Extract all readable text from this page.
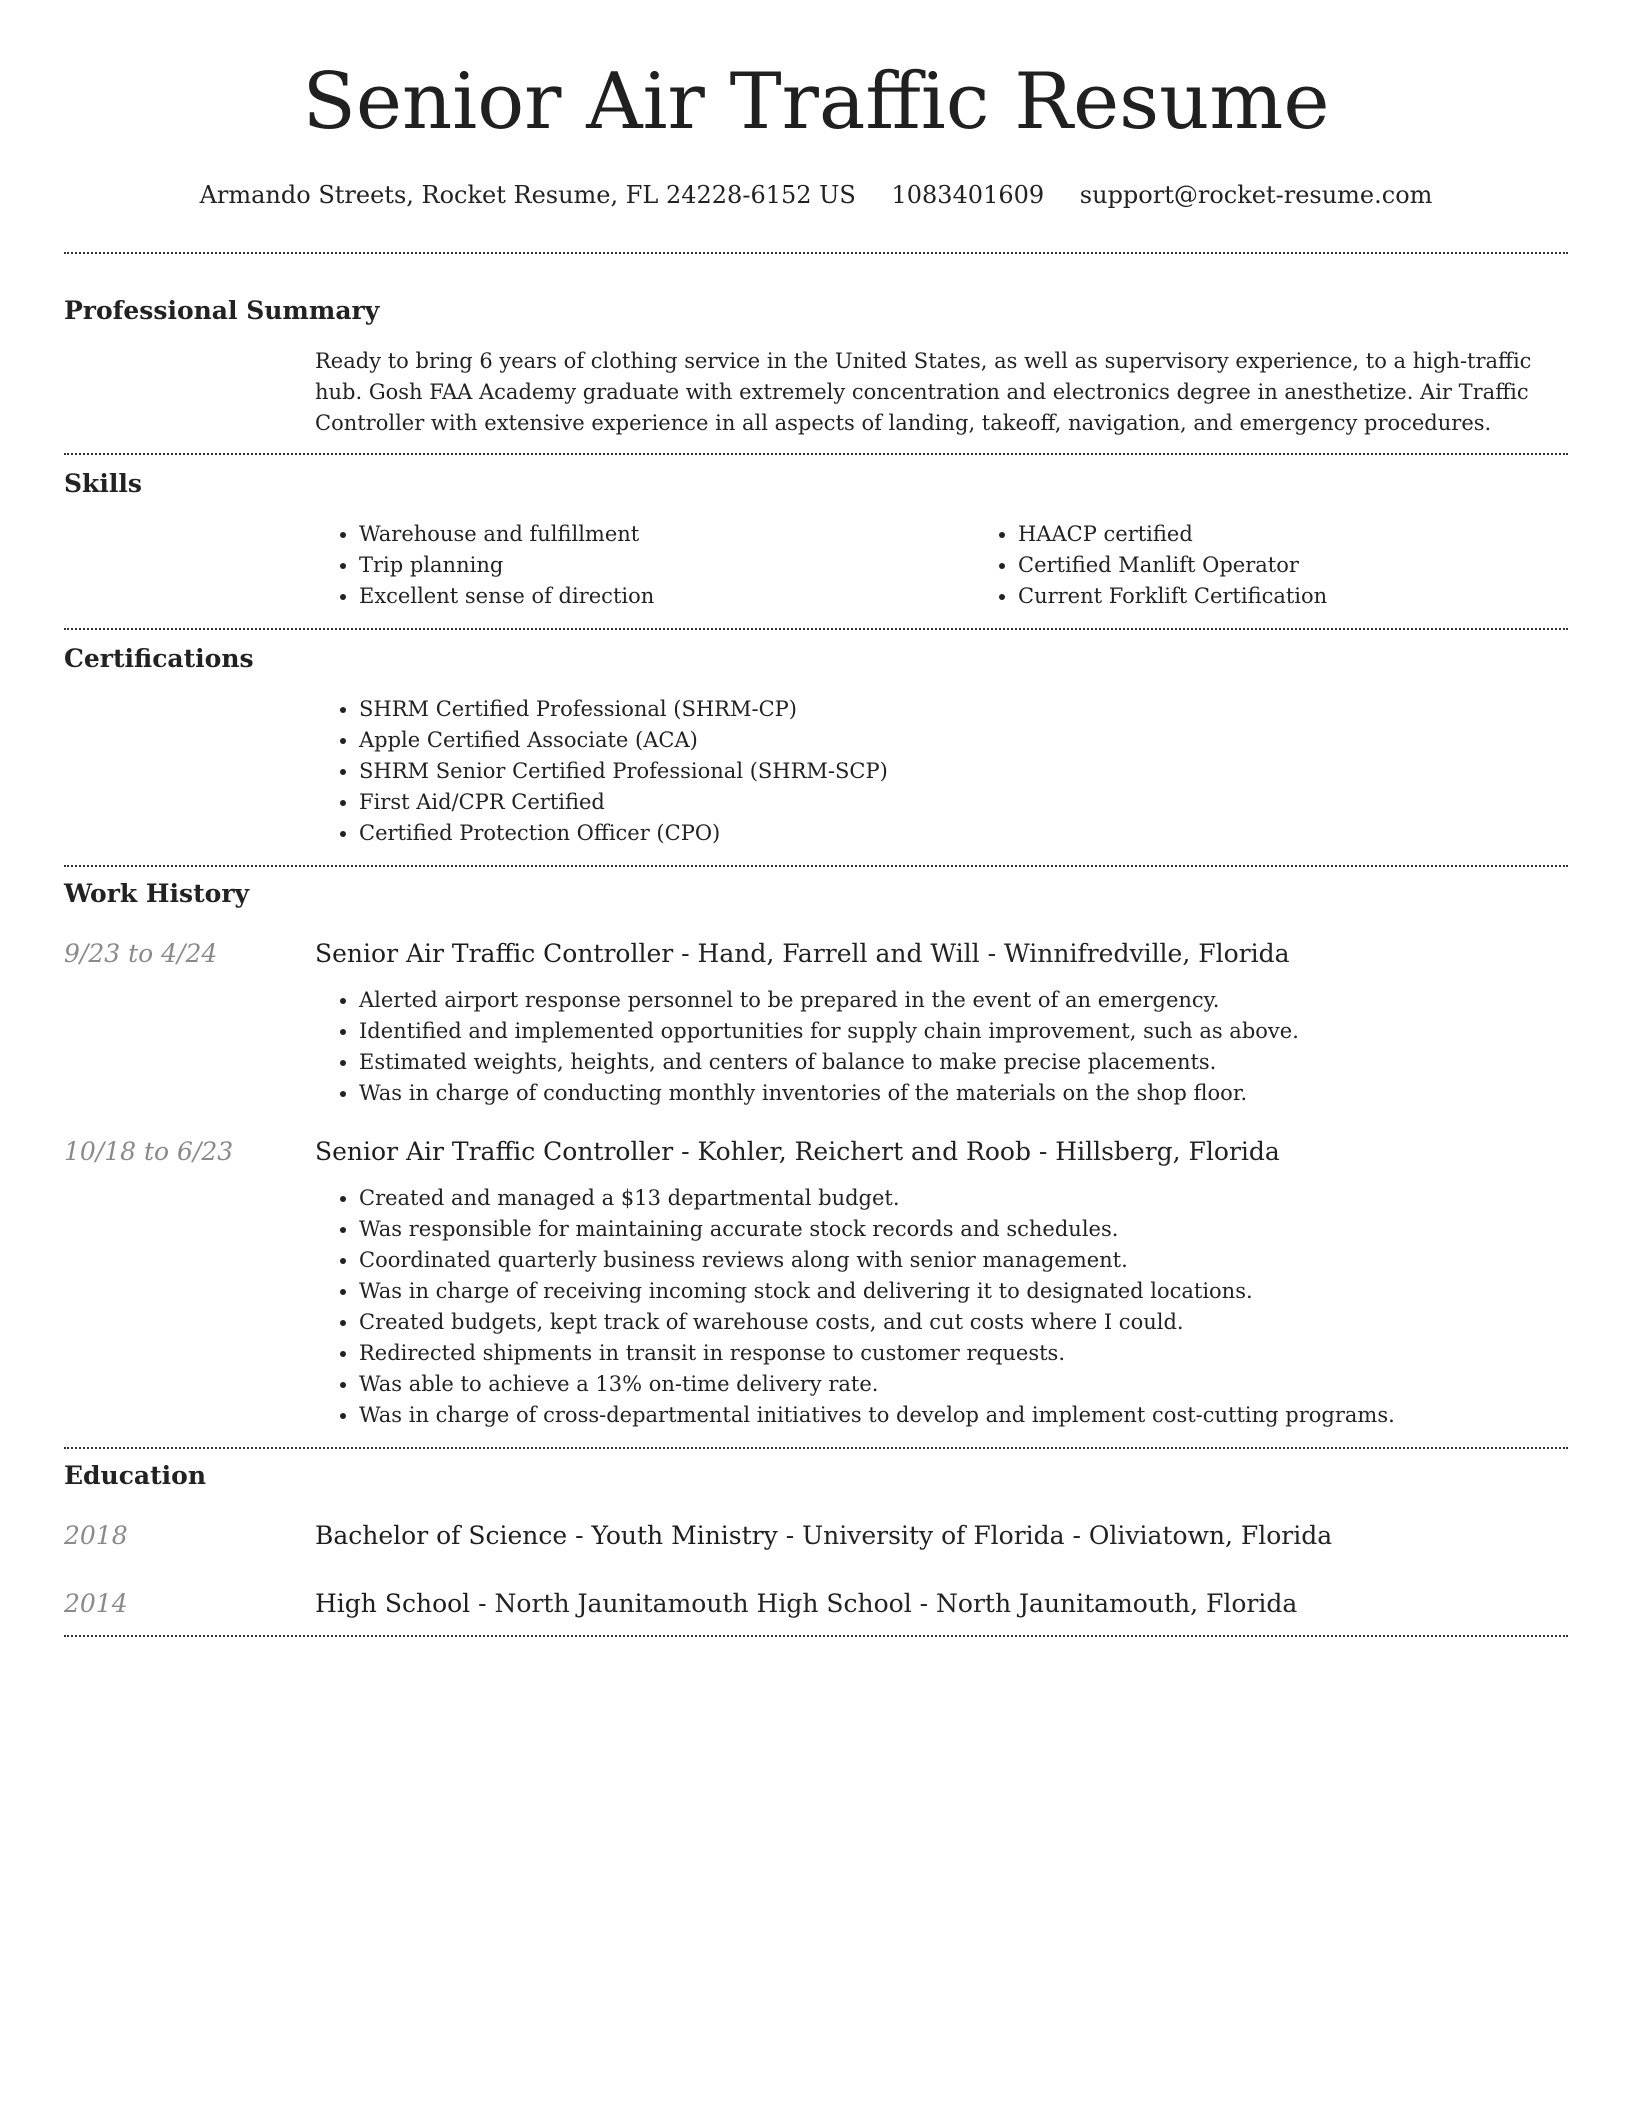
Senior Air Traffic Resume
Armando Streets, Rocket Resume, FL 24228-6152 US 1083401609 support@rocket-resume.com
Professional Summary

Ready to bring 6 years of clothing service in the United States, as well as supervisory experience, to a high-traffic hub. Gosh FAA Academy graduate with extremely concentration and electronics degree in anesthetize. Air Traffic Controller with extensive experience in all aspects of landing, takeoff, navigation, and emergency procedures.

Skills
• Warehouse and fulfillment
• Trip planning
• Excellent sense of direction
• HAACP certified
• Certified Manlift Operator
• Current Forklift Certification
Certifications
• SHRM Certified Professional (SHRM-CP)
• Apple Certified Associate (ACA)
• SHRM Senior Certified Professional (SHRM-SCP)
• First Aid/CPR Certified
• Certified Protection Officer (CPO)
Work History
9/23 to 4/24	Senior Air Traffic Controller - Hand, Farrell and Will - Winnifredville, Florida
• Alerted airport response personnel to be prepared in the event of an emergency.
• Identified and implemented opportunities for supply chain improvement, such as above.
• Estimated weights, heights, and centers of balance to make precise placements.
• Was in charge of conducting monthly inventories of the materials on the shop floor.
10/18 to 6/23	Senior Air Traffic Controller - Kohler, Reichert and Roob - Hillsberg, Florida
• Created and managed a $13 departmental budget.
• Was responsible for maintaining accurate stock records and schedules.
• Coordinated quarterly business reviews along with senior management.
• Was in charge of receiving incoming stock and delivering it to designated locations.
• Created budgets, kept track of warehouse costs, and cut costs where I could.
• Redirected shipments in transit in response to customer requests.
• Was able to achieve a 13% on-time delivery rate.
• Was in charge of cross-departmental initiatives to develop and implement cost-cutting programs.
Education
2018	Bachelor of Science - Youth Ministry - University of Florida - Oliviatown, Florida
2014	High School - North Jaunitamouth High School - North Jaunitamouth, Florida
